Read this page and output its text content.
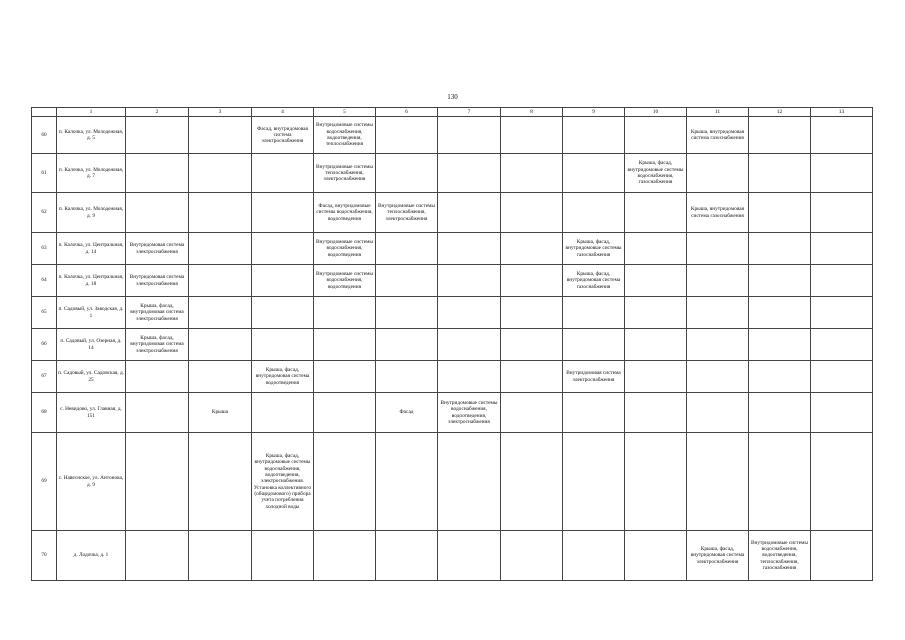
130
	1	2	3	4	5	6	7	8	9	10	11	12	13
60	п. Калочка, ул. Молодежная, д. 5			Фасад, внутридомовая система электроснабжения	Внутридомовые системы водоснабжения, водоотведения, теплоснабжения						Крыша, внутридомовая система газоснабжения		
61	п. Калочка, ул. Молодежная, д. 7				Внутридомовые системы теплоснабжения, электроснабжения					Крыша, фасад, внутридомовые системы водоснабжения, газоснабжения			
62	п. Калочка, ул. Молодежная, д. 9				Фасад, внутридомовые системы водоснабжения, водоотведения	Внутридомовые системы теплоснабжения, электроснабжения					Крыша, внутридомовая система газоснабжения		
63	п. Калочка, ул. Центральная, д. 14	Внутридомовая система электроснабжения			Внутридомовые системы водоснабжения, водоотведения				Крыша, фасад, внутридомовые системы газоснабжения				
64	п. Калочка, ул. Центральная, д. 18	Внутридомовая система электроснабжения			Внутридомовые системы водоснабжения, водоотведения				Крыша, фасад, внутридомовая система газоснабжения				
65	п. Садовый, ул. Заводская, д. 1	Крыша, фасад, внутридомовая система электроснабжения											
66	п. Садовый, ул. Озерная, д. 14	Крыша, фасад, внутридомовая система электроснабжения											
67	п. Садовый, ул. Садовская, д. 25			Крыша, фасад, внутридомовая система водоотведения					Внутридомовая система электроснабжения				
68	с. Невидово, ул. Главная, д. 151		Крыша			Фасад	Внутридомовые системы водоснабжения, водоотведения, электроснабжения						
69	с. Навеснское, ул. Антонова, д. 9			Крыша, фасад, внутридомовые системы водоснабжения, водоотведения, электроснабжения. Установка коллективного (общедомового) прибора учета потребления холодной воды									
70	д. Лодочка, д. 1										Крыша, фасад, внутридомовая система электроснабжения	Внутридомовые системы водоснабжения, водоотведения, теплоснабжения, газоснабжения	
